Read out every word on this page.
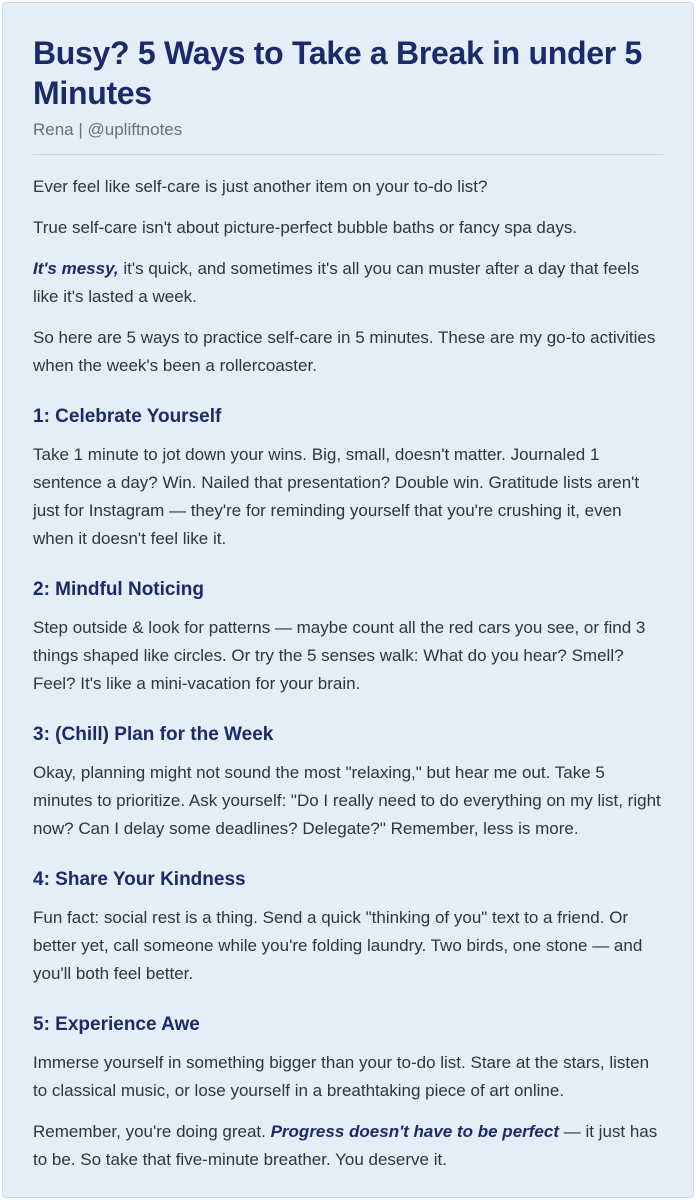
Busy? 5 Ways to Take a Break in under 5 Minutes
Rena | @upliftnotes

Ever feel like self-care is just another item on your to-do list?

True self-care isn't about picture-perfect bubble baths or fancy spa days.

It's messy, it's quick, and sometimes it's all you can muster after a day that feels like it's lasted a week.

So here are 5 ways to practice self-care in 5 minutes. These are my go-to activities when the week's been a rollercoaster.

1: Celebrate Yourself

Take 1 minute to jot down your wins. Big, small, doesn't matter. Journaled 1 sentence a day? Win. Nailed that presentation? Double win. Gratitude lists aren't just for Instagram — they're for reminding yourself that you're crushing it, even when it doesn't feel like it.

2: Mindful Noticing

Step outside & look for patterns — maybe count all the red cars you see, or find 3 things shaped like circles. Or try the 5 senses walk: What do you hear? Smell? Feel? It's like a mini-vacation for your brain.

3: (Chill) Plan for the Week

Okay, planning might not sound the most "relaxing," but hear me out. Take 5 minutes to prioritize. Ask yourself: "Do I really need to do everything on my list, right now? Can I delay some deadlines? Delegate?" Remember, less is more.

4: Share Your Kindness

Fun fact: social rest is a thing. Send a quick "thinking of you" text to a friend. Or better yet, call someone while you're folding laundry. Two birds, one stone — and you'll both feel better.

5: Experience Awe

Immerse yourself in something bigger than your to-do list. Stare at the stars, listen to classical music, or lose yourself in a breathtaking piece of art online.

Remember, you're doing great. Progress doesn't have to be perfect — it just has to be. So take that five-minute breather. You deserve it.
